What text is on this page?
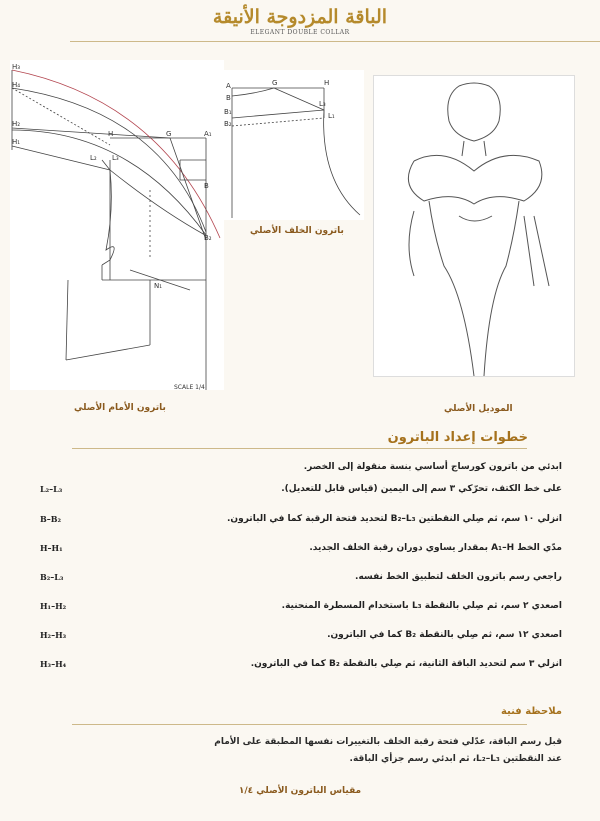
الباقة المزدوجة الأنيقة
ELEGANT DOUBLE COLLAR
H₃
H₄
H₂
H₁
H	G	A₁
L₂ L₃
B
B₂
N₁
SCALE 1/4
باترون الأمام الأصلي
A	G	H
B
L₃
L₁
B₁
B₂
باترون الخلف الأصلي
الموديل الأصلي
خطوات إعداد الباترون
ابدئي من باترون كورساج أساسي بنسة منقولة إلى الخصر.
L₂–L₃	على خط الكتف، تحرّكي ٣ سم إلى اليمين (قياس قابل للتعديل).
B–B₂	انزلي ١٠ سم، ثم صِلي النقطتين B₂–L₃ لتحديد فتحة الرقبة كما في الباترون.
H–H₁	مدّي الخط A₁–H بمقدار يساوي دوران رقبة الخلف الجديد.
B₂–L₃	راجعي رسم باترون الخلف لتطبيق الخط نفسه.
H₁–H₂	اصعدي ٢ سم، ثم صِلي بالنقطة L₃ باستخدام المسطرة المنحنية.
H₂–H₃	اصعدي ١٢ سم، ثم صِلي بالنقطة B₂ كما في الباترون.
H₃–H₄	انزلي ٣ سم لتحديد الباقة الثانية، ثم صِلي بالنقطة B₂ كما في الباترون.
ملاحظة فنية
قبل رسم الباقة، عدّلي فتحة رقبة الخلف بالتغييرات نفسها المطبقة على الأمام
عند النقطتين L₂–L₃، ثم ابدئي رسم جزأي الباقة.
مقياس الباترون الأصلي ١/٤
